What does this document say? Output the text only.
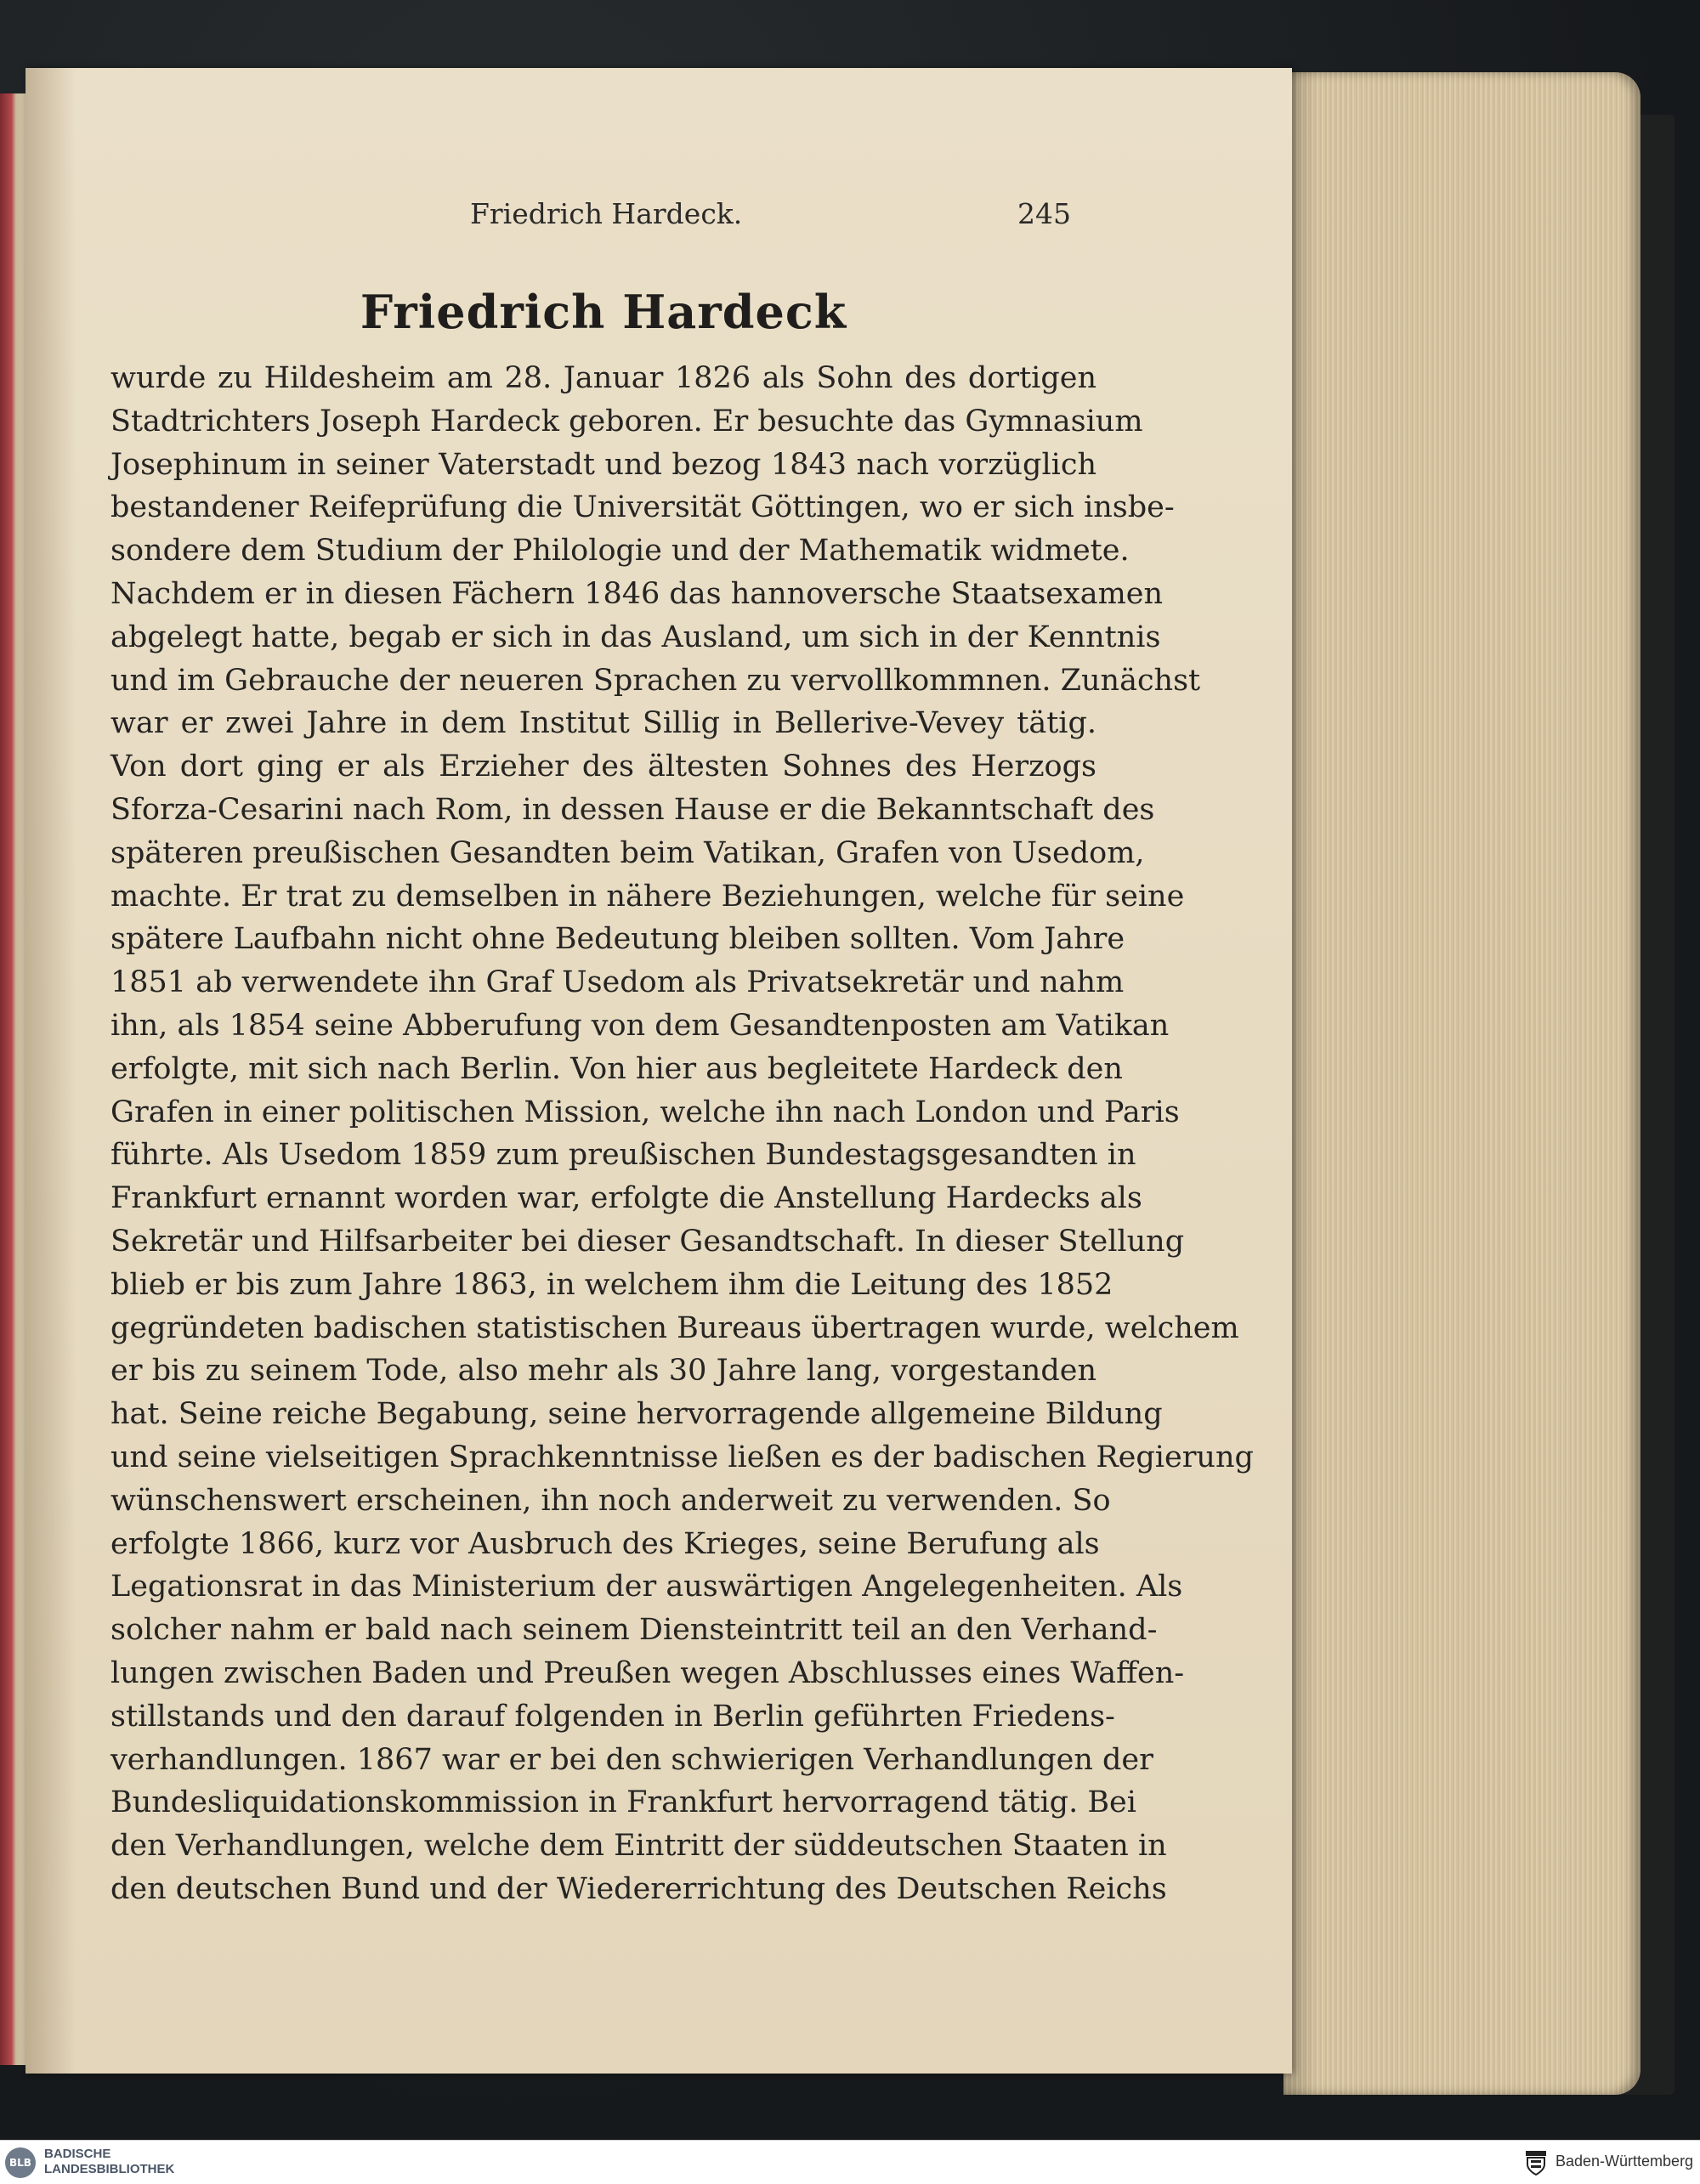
Friedrich Hardeck.	245
Friedrich Hardeck
wurde zu Hildesheim am 28. Januar 1826 als Sohn des dortigen
Stadtrichters Joseph Hardeck geboren. Er besuchte das Gymnasium
Josephinum in seiner Vaterstadt und bezog 1843 nach vorzüglich
bestandener Reifeprüfung die Universität Göttingen, wo er sich insbe-
sondere dem Studium der Philologie und der Mathematik widmete.
Nachdem er in diesen Fächern 1846 das hannoversche Staatsexamen
abgelegt hatte, begab er sich in das Ausland, um sich in der Kenntnis
und im Gebrauche der neueren Sprachen zu vervollkommnen. Zunächst
war er zwei Jahre in dem Institut Sillig in Bellerive-Vevey tätig.
Von dort ging er als Erzieher des ältesten Sohnes des Herzogs
Sforza-Cesarini nach Rom, in dessen Hause er die Bekanntschaft des
späteren preußischen Gesandten beim Vatikan, Grafen von Usedom,
machte. Er trat zu demselben in nähere Beziehungen, welche für seine
spätere Laufbahn nicht ohne Bedeutung bleiben sollten. Vom Jahre
1851 ab verwendete ihn Graf Usedom als Privatsekretär und nahm
ihn, als 1854 seine Abberufung von dem Gesandtenposten am Vatikan
erfolgte, mit sich nach Berlin. Von hier aus begleitete Hardeck den
Grafen in einer politischen Mission, welche ihn nach London und Paris
führte. Als Usedom 1859 zum preußischen Bundestagsgesandten in
Frankfurt ernannt worden war, erfolgte die Anstellung Hardecks als
Sekretär und Hilfsarbeiter bei dieser Gesandtschaft. In dieser Stellung
blieb er bis zum Jahre 1863, in welchem ihm die Leitung des 1852
gegründeten badischen statistischen Bureaus übertragen wurde, welchem
er bis zu seinem Tode, also mehr als 30 Jahre lang, vorgestanden
hat. Seine reiche Begabung, seine hervorragende allgemeine Bildung
und seine vielseitigen Sprachkenntnisse ließen es der badischen Regierung
wünschenswert erscheinen, ihn noch anderweit zu verwenden. So
erfolgte 1866, kurz vor Ausbruch des Krieges, seine Berufung als
Legationsrat in das Ministerium der auswärtigen Angelegenheiten. Als
solcher nahm er bald nach seinem Diensteintritt teil an den Verhand-
lungen zwischen Baden und Preußen wegen Abschlusses eines Waffen-
stillstands und den darauf folgenden in Berlin geführten Friedens-
verhandlungen. 1867 war er bei den schwierigen Verhandlungen der
Bundesliquidationskommission in Frankfurt hervorragend tätig. Bei
den Verhandlungen, welche dem Eintritt der süddeutschen Staaten in
den deutschen Bund und der Wiedererrichtung des Deutschen Reichs
BLB
BADISCHE
LANDESBIBLIOTHEK	Baden-Württemberg
